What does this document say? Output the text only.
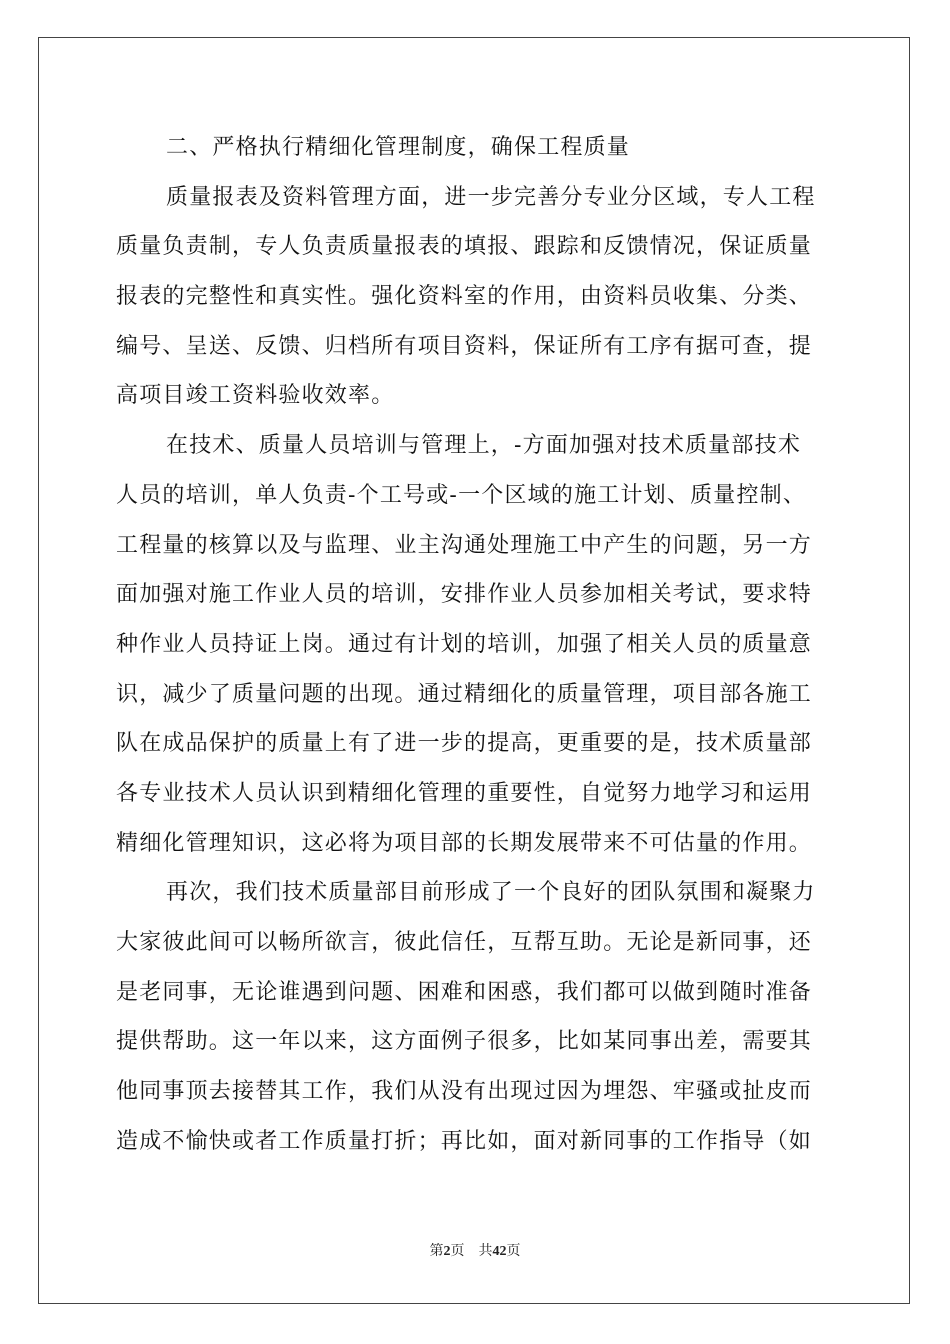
二、严格执行精细化管理制度，确保工程质量
质量报表及资料管理方面，进一步完善分专业分区域，专人工程
质量负责制，专人负责质量报表的填报、跟踪和反馈情况，保证质量
报表的完整性和真实性。强化资料室的作用，由资料员收集、分类、
编号、呈送、反馈、归档所有项目资料，保证所有工序有据可查，提
高项目竣工资料验收效率。
在技术、质量人员培训与管理上，-方面加强对技术质量部技术
人员的培训，单人负责-个工号或-一个区域的施工计划、质量控制、
工程量的核算以及与监理、业主沟通处理施工中产生的问题，另一方
面加强对施工作业人员的培训，安排作业人员参加相关考试，要求特
种作业人员持证上岗。通过有计划的培训，加强了相关人员的质量意
识，减少了质量问题的出现。通过精细化的质量管理，项目部各施工
队在成品保护的质量上有了进一步的提高，更重要的是，技术质量部
各专业技术人员认识到精细化管理的重要性，自觉努力地学习和运用
精细化管理知识，这必将为项目部的长期发展带来不可估量的作用。
再次，我们技术质量部目前形成了一个良好的团队氛围和凝聚力
大家彼此间可以畅所欲言，彼此信任，互帮互助。无论是新同事，还
是老同事，无论谁遇到问题、困难和困惑，我们都可以做到随时准备
提供帮助。这一年以来，这方面例子很多，比如某同事出差，需要其
他同事顶去接替其工作，我们从没有出现过因为埋怨、牢骚或扯皮而
造成不愉快或者工作质量打折；再比如，面对新同事的工作指导（如
第2页 共42页
